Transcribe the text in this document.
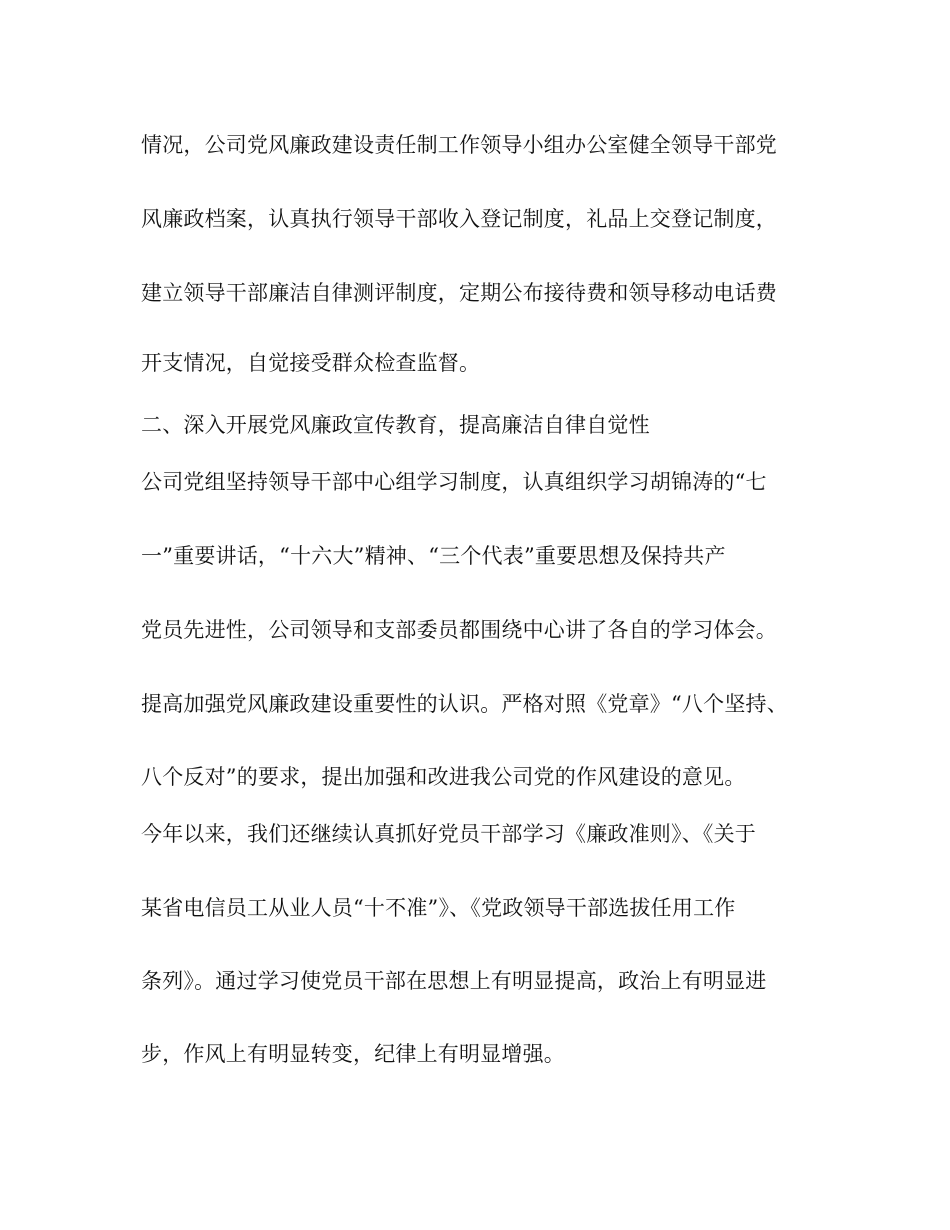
情况，公司党风廉政建设责任制工作领导小组办公室健全领导干部党

风廉政档案，认真执行领导干部收入登记制度，礼品上交登记制度，

建立领导干部廉洁自律测评制度，定期公布接待费和领导移动电话费

开支情况，自觉接受群众检查监督。

二、深入开展党风廉政宣传教育，提高廉洁自律自觉性

公司党组坚持领导干部中心组学习制度，认真组织学习胡锦涛的“七

一”重要讲话，“十六大”精神、“三个代表”重要思想及保持共产

党员先进性，公司领导和支部委员都围绕中心讲了各自的学习体会。

提高加强党风廉政建设重要性的认识。严格对照《党章》“八个坚持、

八个反对”的要求，提出加强和改进我公司党的作风建设的意见。

今年以来，我们还继续认真抓好党员干部学习《廉政准则》、《关于

某省电信员工从业人员“十不准”》、《党政领导干部选拔任用工作

条列》。通过学习使党员干部在思想上有明显提高，政治上有明显进

步，作风上有明显转变，纪律上有明显增强。
